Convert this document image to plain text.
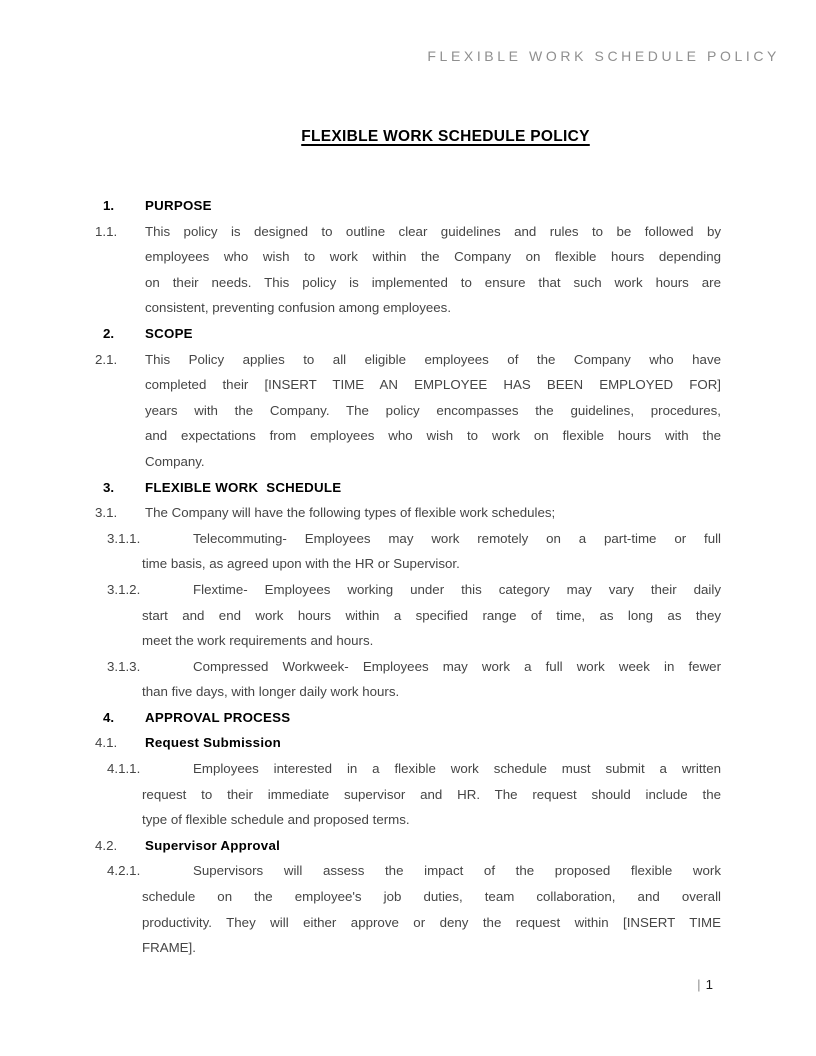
FLEXIBLE WORK SCHEDULE POLICY
FLEXIBLE WORK SCHEDULE POLICY
1. PURPOSE
1.1. This policy is designed to outline clear guidelines and rules to be followed by
employees who wish to work within the Company on flexible hours depending
on their needs. This policy is implemented to ensure that such work hours are
consistent, preventing confusion among employees.
2. SCOPE
2.1. This Policy applies to all eligible employees of the Company who have
completed their [INSERT TIME AN EMPLOYEE HAS BEEN EMPLOYED FOR]
years with the Company. The policy encompasses the guidelines, procedures,
and expectations from employees who wish to work on flexible hours with the
Company.
3. FLEXIBLE WORK  SCHEDULE
3.1. The Company will have the following types of flexible work schedules;
3.1.1.	Telecommuting- Employees may work remotely on a part-time or full
time basis, as agreed upon with the HR or Supervisor.
3.1.2.	Flextime- Employees working under this category may vary their daily
start and end work hours within a specified range of time, as long as they
meet the work requirements and hours.
3.1.3.	Compressed Workweek- Employees may work a full work week in fewer
than five days, with longer daily work hours.
4. APPROVAL PROCESS
4.1. Request Submission
4.1.1.	Employees interested in a flexible work schedule must submit a written
request to their immediate supervisor and HR. The request should include the
type of flexible schedule and proposed terms.
4.2. Supervisor Approval
4.2.1.	Supervisors will assess the impact of the proposed flexible work
schedule on the employee's job duties, team collaboration, and overall
productivity. They will either approve or deny the request within [INSERT TIME
FRAME].
| 1
